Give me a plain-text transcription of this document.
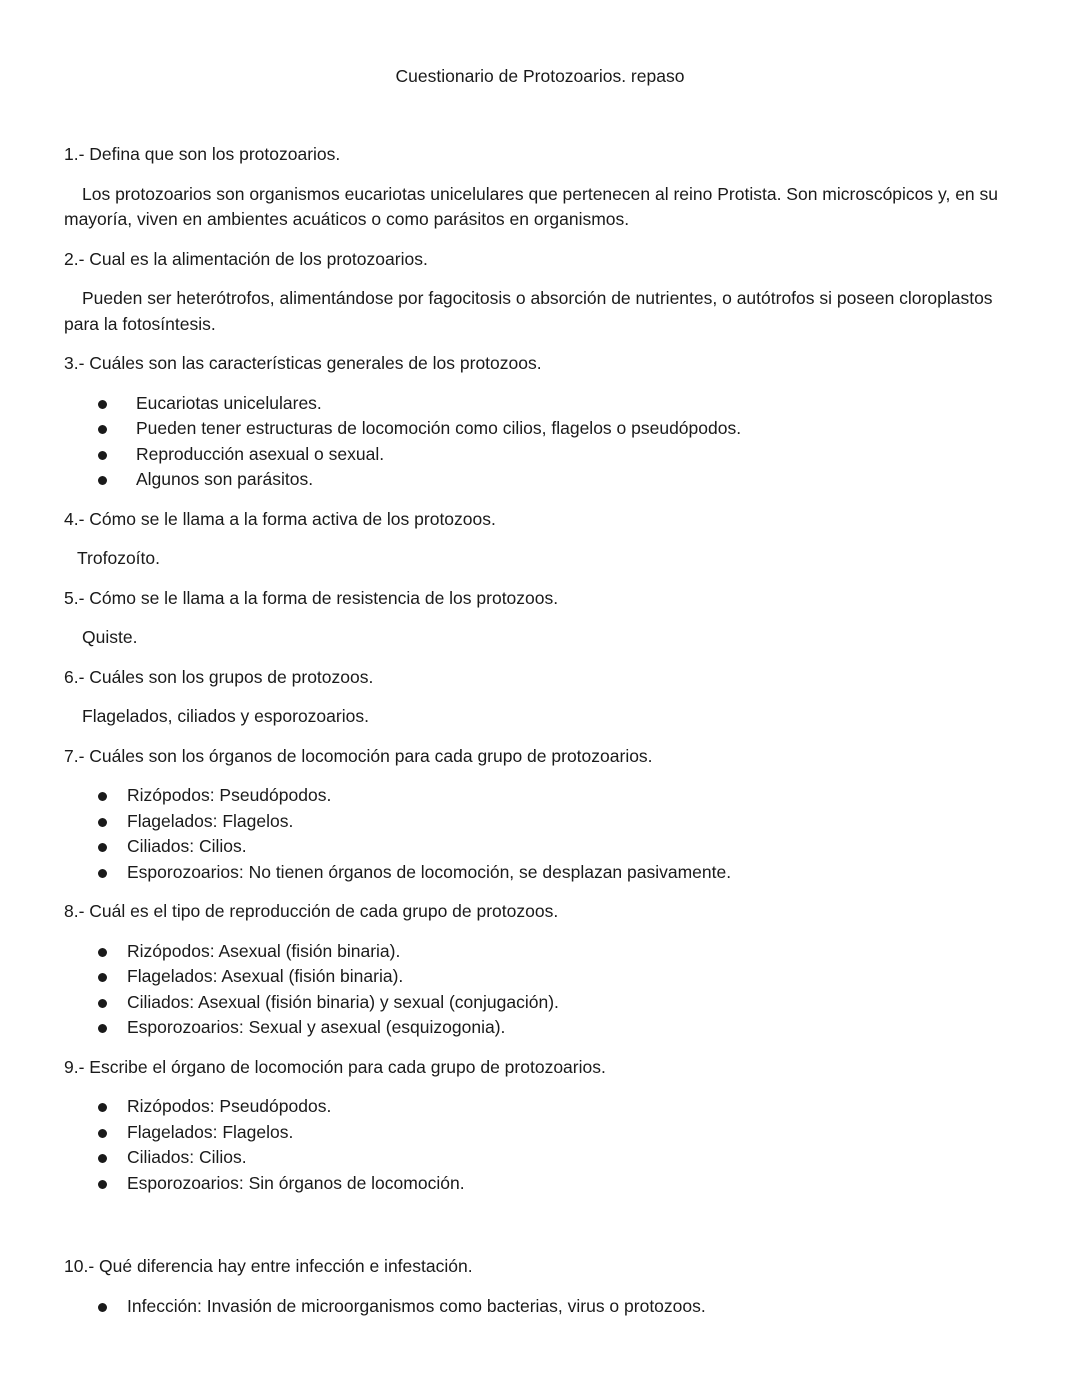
Cuestionario de Protozoarios. repaso

1.- Defina que son los protozoarios.

Los protozoarios son organismos eucariotas unicelulares que pertenecen al reino Protista. Son microscópicos y, en su mayoría, viven en ambientes acuáticos o como parásitos en organismos.

2.- Cual es la alimentación de los protozoarios.

Pueden ser heterótrofos, alimentándose por fagocitosis o absorción de nutrientes, o autótrofos si poseen cloroplastos para la fotosíntesis.

3.- Cuáles son las características generales de los protozoos.

Eucariotas unicelulares.
Pueden tener estructuras de locomoción como cilios, flagelos o pseudópodos.
Reproducción asexual o sexual.
Algunos son parásitos.

4.- Cómo se le llama a la forma activa de los protozoos.

Trofozoíto.

5.- Cómo se le llama a la forma de resistencia de los protozoos.

Quiste.

6.- Cuáles son los grupos de protozoos.

Flagelados, ciliados y esporozoarios.

7.- Cuáles son los órganos de locomoción para cada grupo de protozoarios.

Rizópodos: Pseudópodos.
Flagelados: Flagelos.
Ciliados: Cilios.
Esporozoarios: No tienen órganos de locomoción, se desplazan pasivamente.

8.- Cuál es el tipo de reproducción de cada grupo de protozoos.

Rizópodos: Asexual (fisión binaria).
Flagelados: Asexual (fisión binaria).
Ciliados: Asexual (fisión binaria) y sexual (conjugación).
Esporozoarios: Sexual y asexual (esquizogonia).

9.- Escribe el órgano de locomoción para cada grupo de protozoarios.

Rizópodos: Pseudópodos.
Flagelados: Flagelos.
Ciliados: Cilios.
Esporozoarios: Sin órganos de locomoción.

10.- Qué diferencia hay entre infección e infestación.

Infección: Invasión de microorganismos como bacterias, virus o protozoos.
